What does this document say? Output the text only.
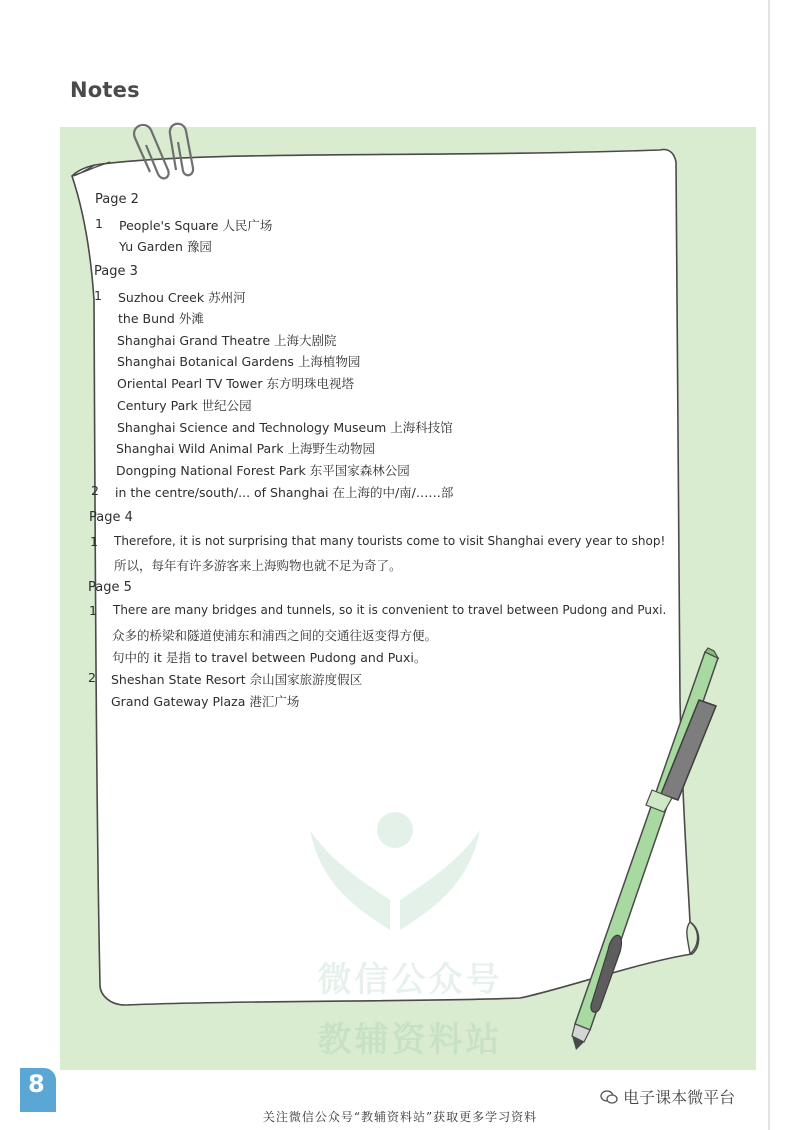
Notes
微信公众号
教辅资料站
Page 2
1 People's Square 人民广场
Yu Garden 豫园
Page 3
1 Suzhou Creek 苏州河
the Bund 外滩
Shanghai Grand Theatre 上海大剧院
Shanghai Botanical Gardens 上海植物园
Oriental Pearl TV Tower 东方明珠电视塔
Century Park 世纪公园
Shanghai Science and Technology Museum 上海科技馆
Shanghai Wild Animal Park 上海野生动物园
Dongping National Forest Park 东平国家森林公园
2 in the centre/south/... of Shanghai 在上海的中/南/……部
Page 4
1 Therefore, it is not surprising that many tourists come to visit Shanghai every year to shop!
所以，每年有许多游客来上海购物也就不足为奇了。
Page 5
1 There are many bridges and tunnels, so it is convenient to travel between Pudong and Puxi.
众多的桥梁和隧道使浦东和浦西之间的交通往返变得方便。
句中的 it 是指 to travel between Pudong and Puxi。
2 Sheshan State Resort 佘山国家旅游度假区
Grand Gateway Plaza 港汇广场
8	电子课本微平台
关注微信公众号“教辅资料站”获取更多学习资料
